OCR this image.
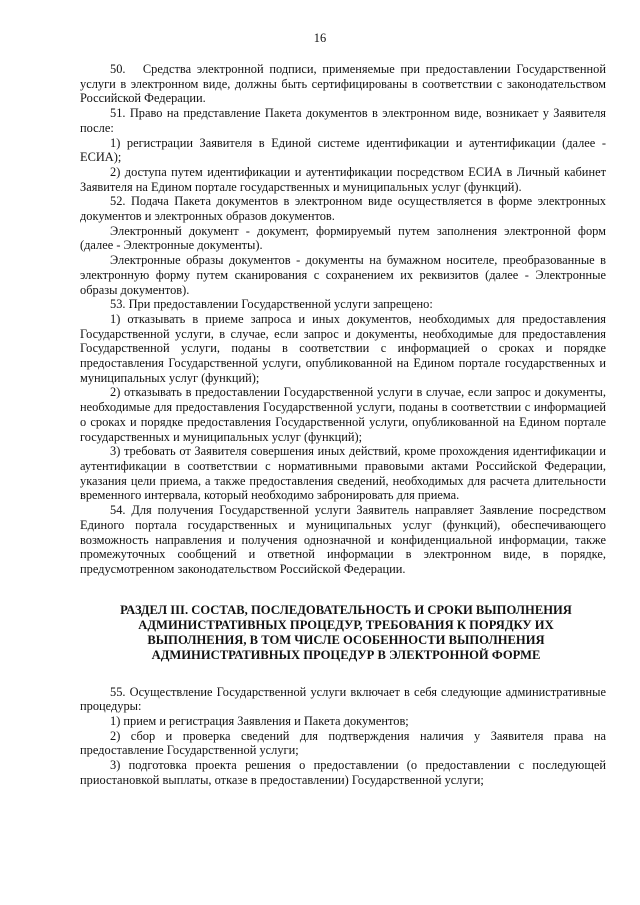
16

50.   Средства электронной подписи, применяемые при предоставлении Государственной услуги в электронном виде, должны быть сертифицированы в соответствии с законодательством Российской Федерации.

51. Право на представление Пакета документов в электронном виде, возникает у Заявителя после:

1) регистрации Заявителя в Единой системе идентификации и аутентификации (далее - ЕСИА);

2) доступа путем идентификации и аутентификации посредством ЕСИА в Личный кабинет Заявителя на Едином портале государственных и муниципальных услуг (функций).

52. Подача Пакета документов в электронном виде осуществляется в форме электронных документов и электронных образов документов.

Электронный документ - документ, формируемый путем заполнения электронной форм (далее - Электронные документы).

Электронные образы документов - документы на бумажном носителе, преобразованные в электронную форму путем сканирования с сохранением их реквизитов (далее - Электронные образы документов).

53. При предоставлении Государственной услуги запрещено:

1) отказывать в приеме запроса и иных документов, необходимых для предоставления Государственной услуги, в случае, если запрос и документы, необходимые для предоставления Государственной услуги, поданы в соответствии с информацией о сроках и порядке предоставления Государственной услуги, опубликованной на Едином портале государственных и муниципальных услуг (функций);

2) отказывать в предоставлении Государственной услуги в случае, если запрос и документы, необходимые для предоставления Государственной услуги, поданы в соответствии с информацией о сроках и порядке предоставления Государственной услуги, опубликованной на Едином портале государственных и муниципальных услуг (функций);

3) требовать от Заявителя совершения иных действий, кроме прохождения идентификации и аутентификации в соответствии с нормативными правовыми актами Российской Федерации, указания цели приема, а также предоставления сведений, необходимых для расчета длительности временного интервала, который необходимо забронировать для приема.

54. Для получения Государственной услуги Заявитель направляет Заявление посредством Единого портала государственных и муниципальных услуг (функций), обеспечивающего возможность направления и получения однозначной и конфиденциальной информации, также промежуточных сообщений и ответной информации в электронном виде, в порядке, предусмотренном законодательством Российской Федерации.

РАЗДЕЛ III. СОСТАВ, ПОСЛЕДОВАТЕЛЬНОСТЬ И СРОКИ ВЫПОЛНЕНИЯ
АДМИНИСТРАТИВНЫХ ПРОЦЕДУР, ТРЕБОВАНИЯ К ПОРЯДКУ ИХ
ВЫПОЛНЕНИЯ, В ТОМ ЧИСЛЕ ОСОБЕННОСТИ ВЫПОЛНЕНИЯ
АДМИНИСТРАТИВНЫХ ПРОЦЕДУР В ЭЛЕКТРОННОЙ ФОРМЕ

55. Осуществление Государственной услуги включает в себя следующие административные процедуры:

1) прием и регистрация Заявления и Пакета документов;

2) сбор и проверка сведений для подтверждения наличия у Заявителя права на предоставление Государственной услуги;

3) подготовка проекта решения о предоставлении (о предоставлении с последующей приостановкой выплаты, отказе в предоставлении) Государственной услуги;
